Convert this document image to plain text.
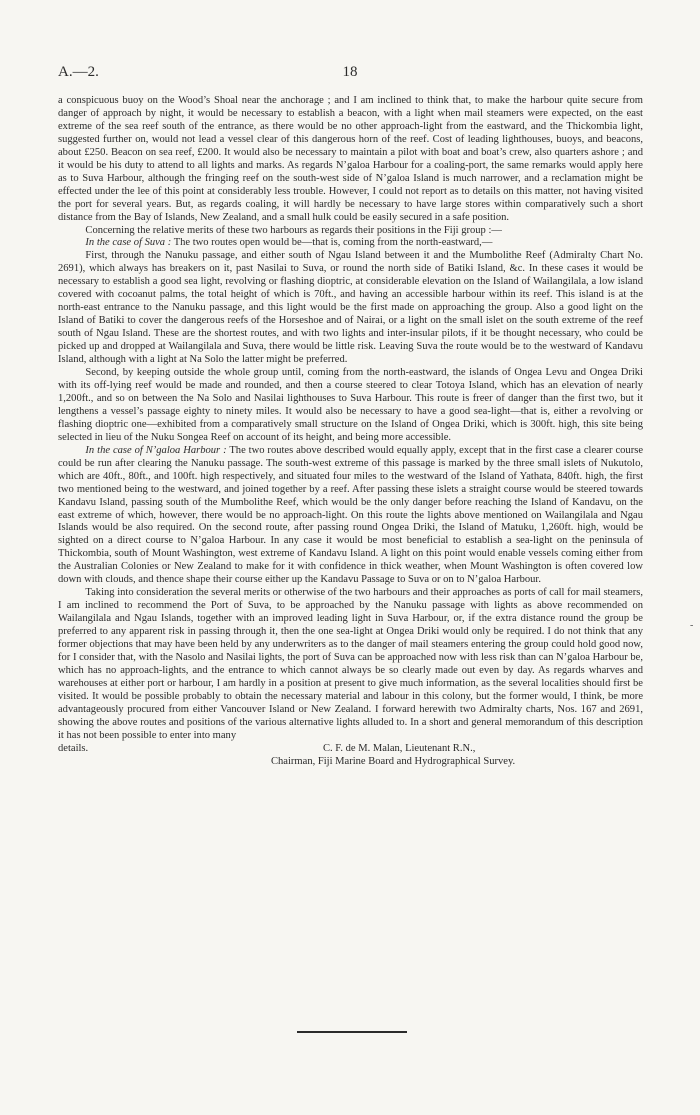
A.—2.	18

a conspicuous buoy on the Wood’s Shoal near the anchorage ; and I am inclined to think that, to make the harbour quite secure from danger of approach by night, it would be necessary to establish a beacon, with a light when mail steamers were expected, on the east extreme of the sea reef south of the entrance, as there would be no other approach-light from the eastward, and the Thickombia light, suggested further on, would not lead a vessel clear of this dangerous horn of the reef. Cost of leading lighthouses, buoys, and beacons, about £250. Beacon on sea reef, £200. It would also be necessary to maintain a pilot with boat and boat’s crew, also quarters ashore ; and it would be his duty to attend to all lights and marks. As regards N’galoa Harbour for a coaling-port, the same remarks would apply here as to Suva Harbour, although the fringing reef on the south-west side of N’galoa Island is much narrower, and a reclamation might be effected under the lee of this point at considerably less trouble. However, I could not report as to details on this matter, not having visited the port for several years. But, as regards coaling, it will hardly be necessary to have large stores within comparatively such a short distance from the Bay of Islands, New Zealand, and a small hulk could be easily secured in a safe position.

Concerning the relative merits of these two harbours as regards their positions in the Fiji group :—

In the case of Suva : The two routes open would be—that is, coming from the north-eastward,—

First, through the Nanuku passage, and either south of Ngau Island between it and the Mumbolithe Reef (Admiralty Chart No. 2691), which always has breakers on it, past Nasilai to Suva, or round the north side of Batiki Island, &c. In these cases it would be necessary to establish a good sea light, revolving or flashing dioptric, at considerable elevation on the Island of Wailangilala, a low island covered with cocoanut palms, the total height of which is 70ft., and having an accessible harbour within its reef. This island is at the north-east entrance to the Nanuku passage, and this light would be the first made on approaching the group. Also a good light on the Island of Batiki to cover the dangerous reefs of the Horseshoe and of Nairai, or a light on the small islet on the south extreme of the reef south of Ngau Island. These are the shortest routes, and with two lights and inter-insular pilots, if it be thought necessary, who could be picked up and dropped at Wailangilala and Suva, there would be little risk. Leaving Suva the route would be to the westward of Kandavu Island, although with a light at Na Solo the latter might be preferred.

Second, by keeping outside the whole group until, coming from the north-eastward, the islands of Ongea Levu and Ongea Driki with its off-lying reef would be made and rounded, and then a course steered to clear Totoya Island, which has an elevation of nearly 1,200ft., and so on between the Na Solo and Nasilai lighthouses to Suva Harbour. This route is freer of danger than the first two, but it lengthens a vessel’s passage eighty to ninety miles. It would also be necessary to have a good sea-light—that is, either a revolving or flashing dioptric one—exhibited from a comparatively small structure on the Island of Ongea Driki, which is 300ft. high, this site being selected in lieu of the Nuku Songea Reef on account of its height, and being more accessible.

In the case of N’galoa Harbour : The two routes above described would equally apply, except that in the first case a clearer course could be run after clearing the Nanuku passage. The south-west extreme of this passage is marked by the three small islets of Nukutolo, which are 40ft., 80ft., and 100ft. high respectively, and situated four miles to the westward of the Island of Yathata, 840ft. high, the first two mentioned being to the westward, and joined together by a reef. After passing these islets a straight course would be steered towards Kandavu Island, passing south of the Mumbolithe Reef, which would be the only danger before reaching the Island of Kandavu, on the east extreme of which, however, there would be no approach-light. On this route the lights above mentioned on Wailangilala and Ngau Islands would be also required. On the second route, after passing round Ongea Driki, the Island of Matuku, 1,260ft. high, would be sighted on a direct course to N’galoa Harbour. In any case it would be most beneficial to establish a sea-light on the peninsula of Thickombia, south of Mount Washington, west extreme of Kandavu Island. A light on this point would enable vessels coming either from the Australian Colonies or New Zealand to make for it with confidence in thick weather, when Mount Washington is often covered low down with clouds, and thence shape their course either up the Kandavu Passage to Suva or on to N’galoa Harbour.

Taking into consideration the several merits or otherwise of the two harbours and their approaches as ports of call for mail steamers, I am inclined to recommend the Port of Suva, to be approached by the Nanuku passage with lights as above recommended on Wailangilala and Ngau Islands, together with an improved leading light in Suva Harbour, or, if the extra distance round the group be preferred to any apparent risk in passing through it, then the one sea-light at Ongea Driki would only be required. I do not think that any former objections that may have been held by any underwriters as to the danger of mail steamers entering the group could hold good now, for I consider that, with the Nasolo and Nasilai lights, the port of Suva can be approached now with less risk than can N’galoa Harbour be, which has no approach-lights, and the entrance to which cannot always be so clearly made out even by day. As regards wharves and warehouses at either port or harbour, I am hardly in a position at present to give much information, as the several localities should first be visited. It would be possible probably to obtain the necessary material and labour in this colony, but the former would, I think, be more advantageously procured from either Vancouver Island or New Zealand. I forward herewith two Admiralty charts, Nos. 167 and 2691, showing the above routes and positions of the various alternative lights alluded to. In a short and general memorandum of this description it has not been possible to enter into many

details.	C. F. de M. Malan, Lieutenant R.N.,
Chairman, Fiji Marine Board and Hydrographical Survey.
-
